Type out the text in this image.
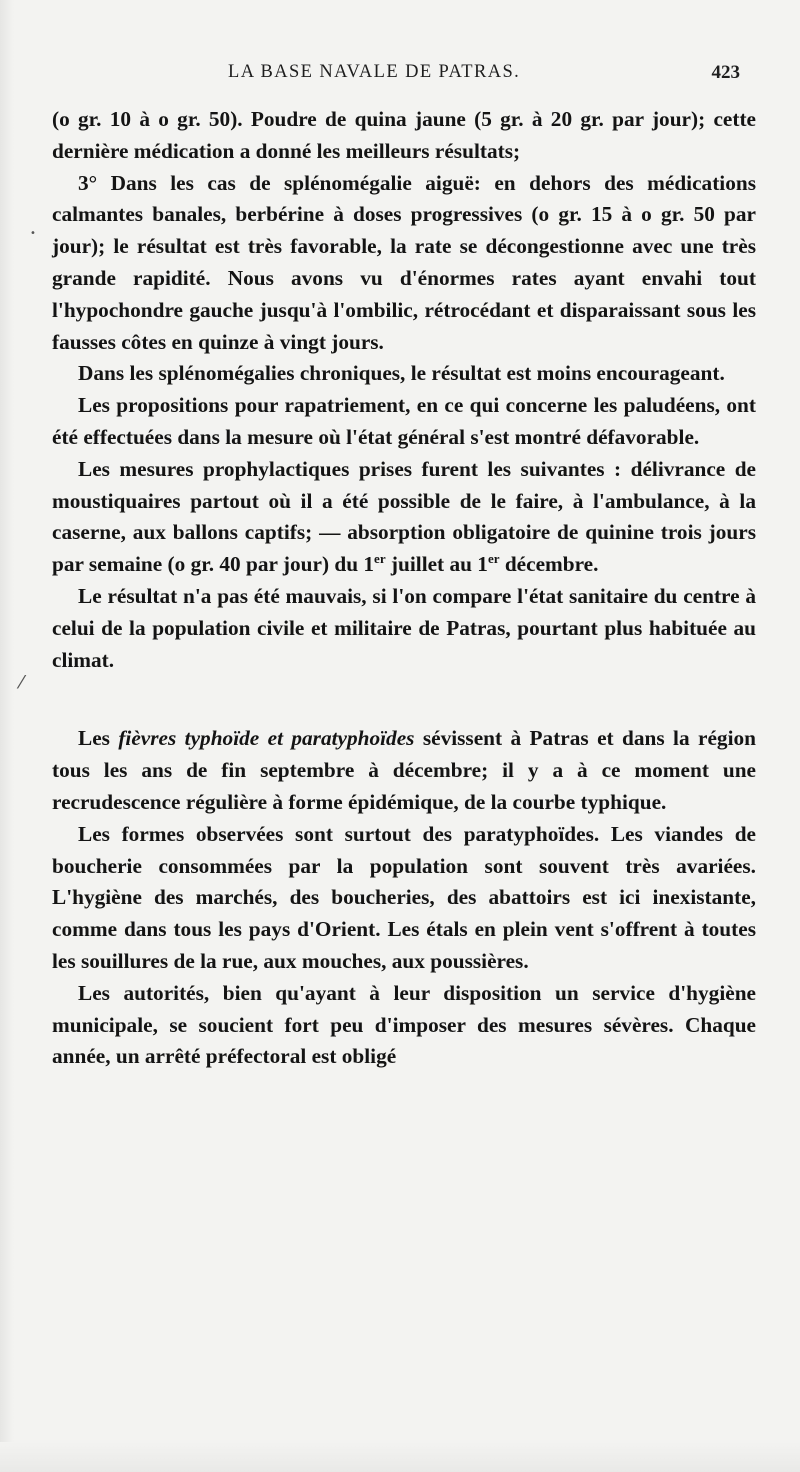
LA BASE NAVALE DE PATRAS.	423

(o gr. 10 à o gr. 50). Poudre de quina jaune (5 gr. à 20 gr. par jour); cette dernière médication a donné les meilleurs résultats;

3° Dans les cas de splénomégalie aiguë: en dehors des médications calmantes banales, berbérine à doses progressives (o gr. 15 à o gr. 50 par jour); le résultat est très favorable, la rate se décongestionne avec une très grande rapidité. Nous avons vu d'énormes rates ayant envahi tout l'hypochondre gauche jusqu'à l'ombilic, rétrocédant et disparaissant sous les fausses côtes en quinze à vingt jours.

Dans les splénomégalies chroniques, le résultat est moins encourageant.

Les propositions pour rapatriement, en ce qui concerne les paludéens, ont été effectuées dans la mesure où l'état général s'est montré défavorable.

Les mesures prophylactiques prises furent les suivantes : délivrance de moustiquaires partout où il a été possible de le faire, à l'ambulance, à la caserne, aux ballons captifs; — absorption obligatoire de quinine trois jours par semaine (o gr. 40 par jour) du 1er juillet au 1er décembre.

Le résultat n'a pas été mauvais, si l'on compare l'état sanitaire du centre à celui de la population civile et militaire de Patras, pourtant plus habituée au climat.

Les fièvres typhoïde et paratyphoïdes sévissent à Patras et dans la région tous les ans de fin septembre à décembre; il y a à ce moment une recrudescence régulière à forme épidémique, de la courbe typhique.

Les formes observées sont surtout des paratyphoïdes. Les viandes de boucherie consommées par la population sont souvent très avariées. L'hygiène des marchés, des boucheries, des abattoirs est ici inexistante, comme dans tous les pays d'Orient. Les étals en plein vent s'offrent à toutes les souillures de la rue, aux mouches, aux poussières.

Les autorités, bien qu'ayant à leur disposition un service d'hygiène municipale, se soucient fort peu d'imposer des mesures sévères. Chaque année, un arrêté préfectoral est obligé

⁄
•
